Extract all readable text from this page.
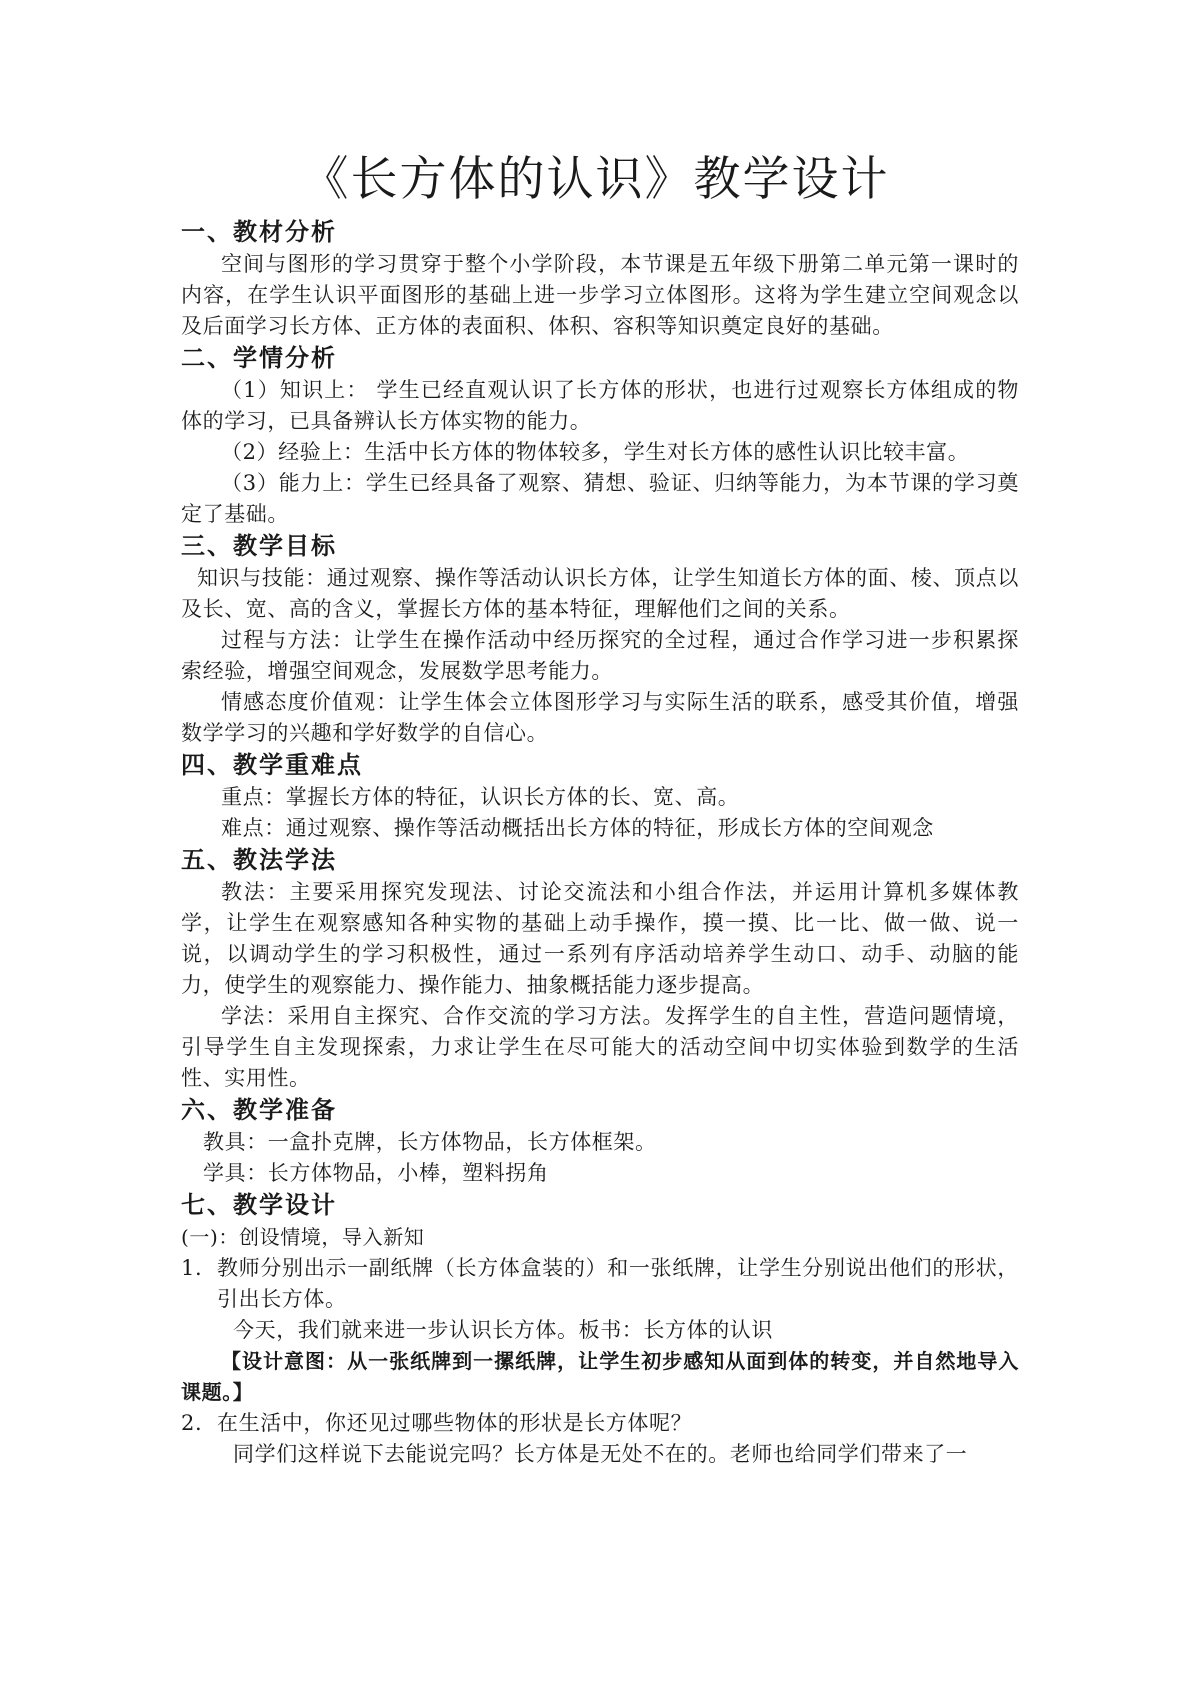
《长方体的认识》教学设计
一、教材分析
空间与图形的学习贯穿于整个小学阶段，本节课是五年级下册第二单元第一课时的内容，在学生认识平面图形的基础上进一步学习立体图形。这将为学生建立空间观念以及后面学习长方体、正方体的表面积、体积、容积等知识奠定良好的基础。
二、学情分析
（1）知识上： 学生已经直观认识了长方体的形状，也进行过观察长方体组成的物体的学习，已具备辨认长方体实物的能力。
（2）经验上：生活中长方体的物体较多，学生对长方体的感性认识比较丰富。
（3）能力上：学生已经具备了观察、猜想、验证、归纳等能力，为本节课的学习奠定了基础。
三、教学目标
知识与技能：通过观察、操作等活动认识长方体，让学生知道长方体的面、棱、顶点以及长、宽、高的含义，掌握长方体的基本特征，理解他们之间的关系。
过程与方法：让学生在操作活动中经历探究的全过程，通过合作学习进一步积累探索经验，增强空间观念，发展数学思考能力。
情感态度价值观：让学生体会立体图形学习与实际生活的联系，感受其价值，增强数学学习的兴趣和学好数学的自信心。
四、教学重难点
重点：掌握长方体的特征，认识长方体的长、宽、高。
难点：通过观察、操作等活动概括出长方体的特征，形成长方体的空间观念
五、教法学法
教法：主要采用探究发现法、讨论交流法和小组合作法，并运用计算机多媒体教学，让学生在观察感知各种实物的基础上动手操作，摸一摸、比一比、做一做、说一说，以调动学生的学习积极性，通过一系列有序活动培养学生动口、动手、动脑的能力，使学生的观察能力、操作能力、抽象概括能力逐步提高。
学法：采用自主探究、合作交流的学习方法。发挥学生的自主性，营造问题情境，引导学生自主发现探索，力求让学生在尽可能大的活动空间中切实体验到数学的生活性、实用性。
六、教学准备
教具：一盒扑克牌，长方体物品，长方体框架。
学具：长方体物品，小棒，塑料拐角
七、教学设计
(一)：创设情境，导入新知
1. 教师分别出示一副纸牌（长方体盒装的）和一张纸牌，让学生分别说出他们的形状，引出长方体。
今天，我们就来进一步认识长方体。板书：长方体的认识
【设计意图：从一张纸牌到一摞纸牌，让学生初步感知从面到体的转变，并自然地导入课题。】
2. 在生活中，你还见过哪些物体的形状是长方体呢？
同学们这样说下去能说完吗？长方体是无处不在的。老师也给同学们带来了一
